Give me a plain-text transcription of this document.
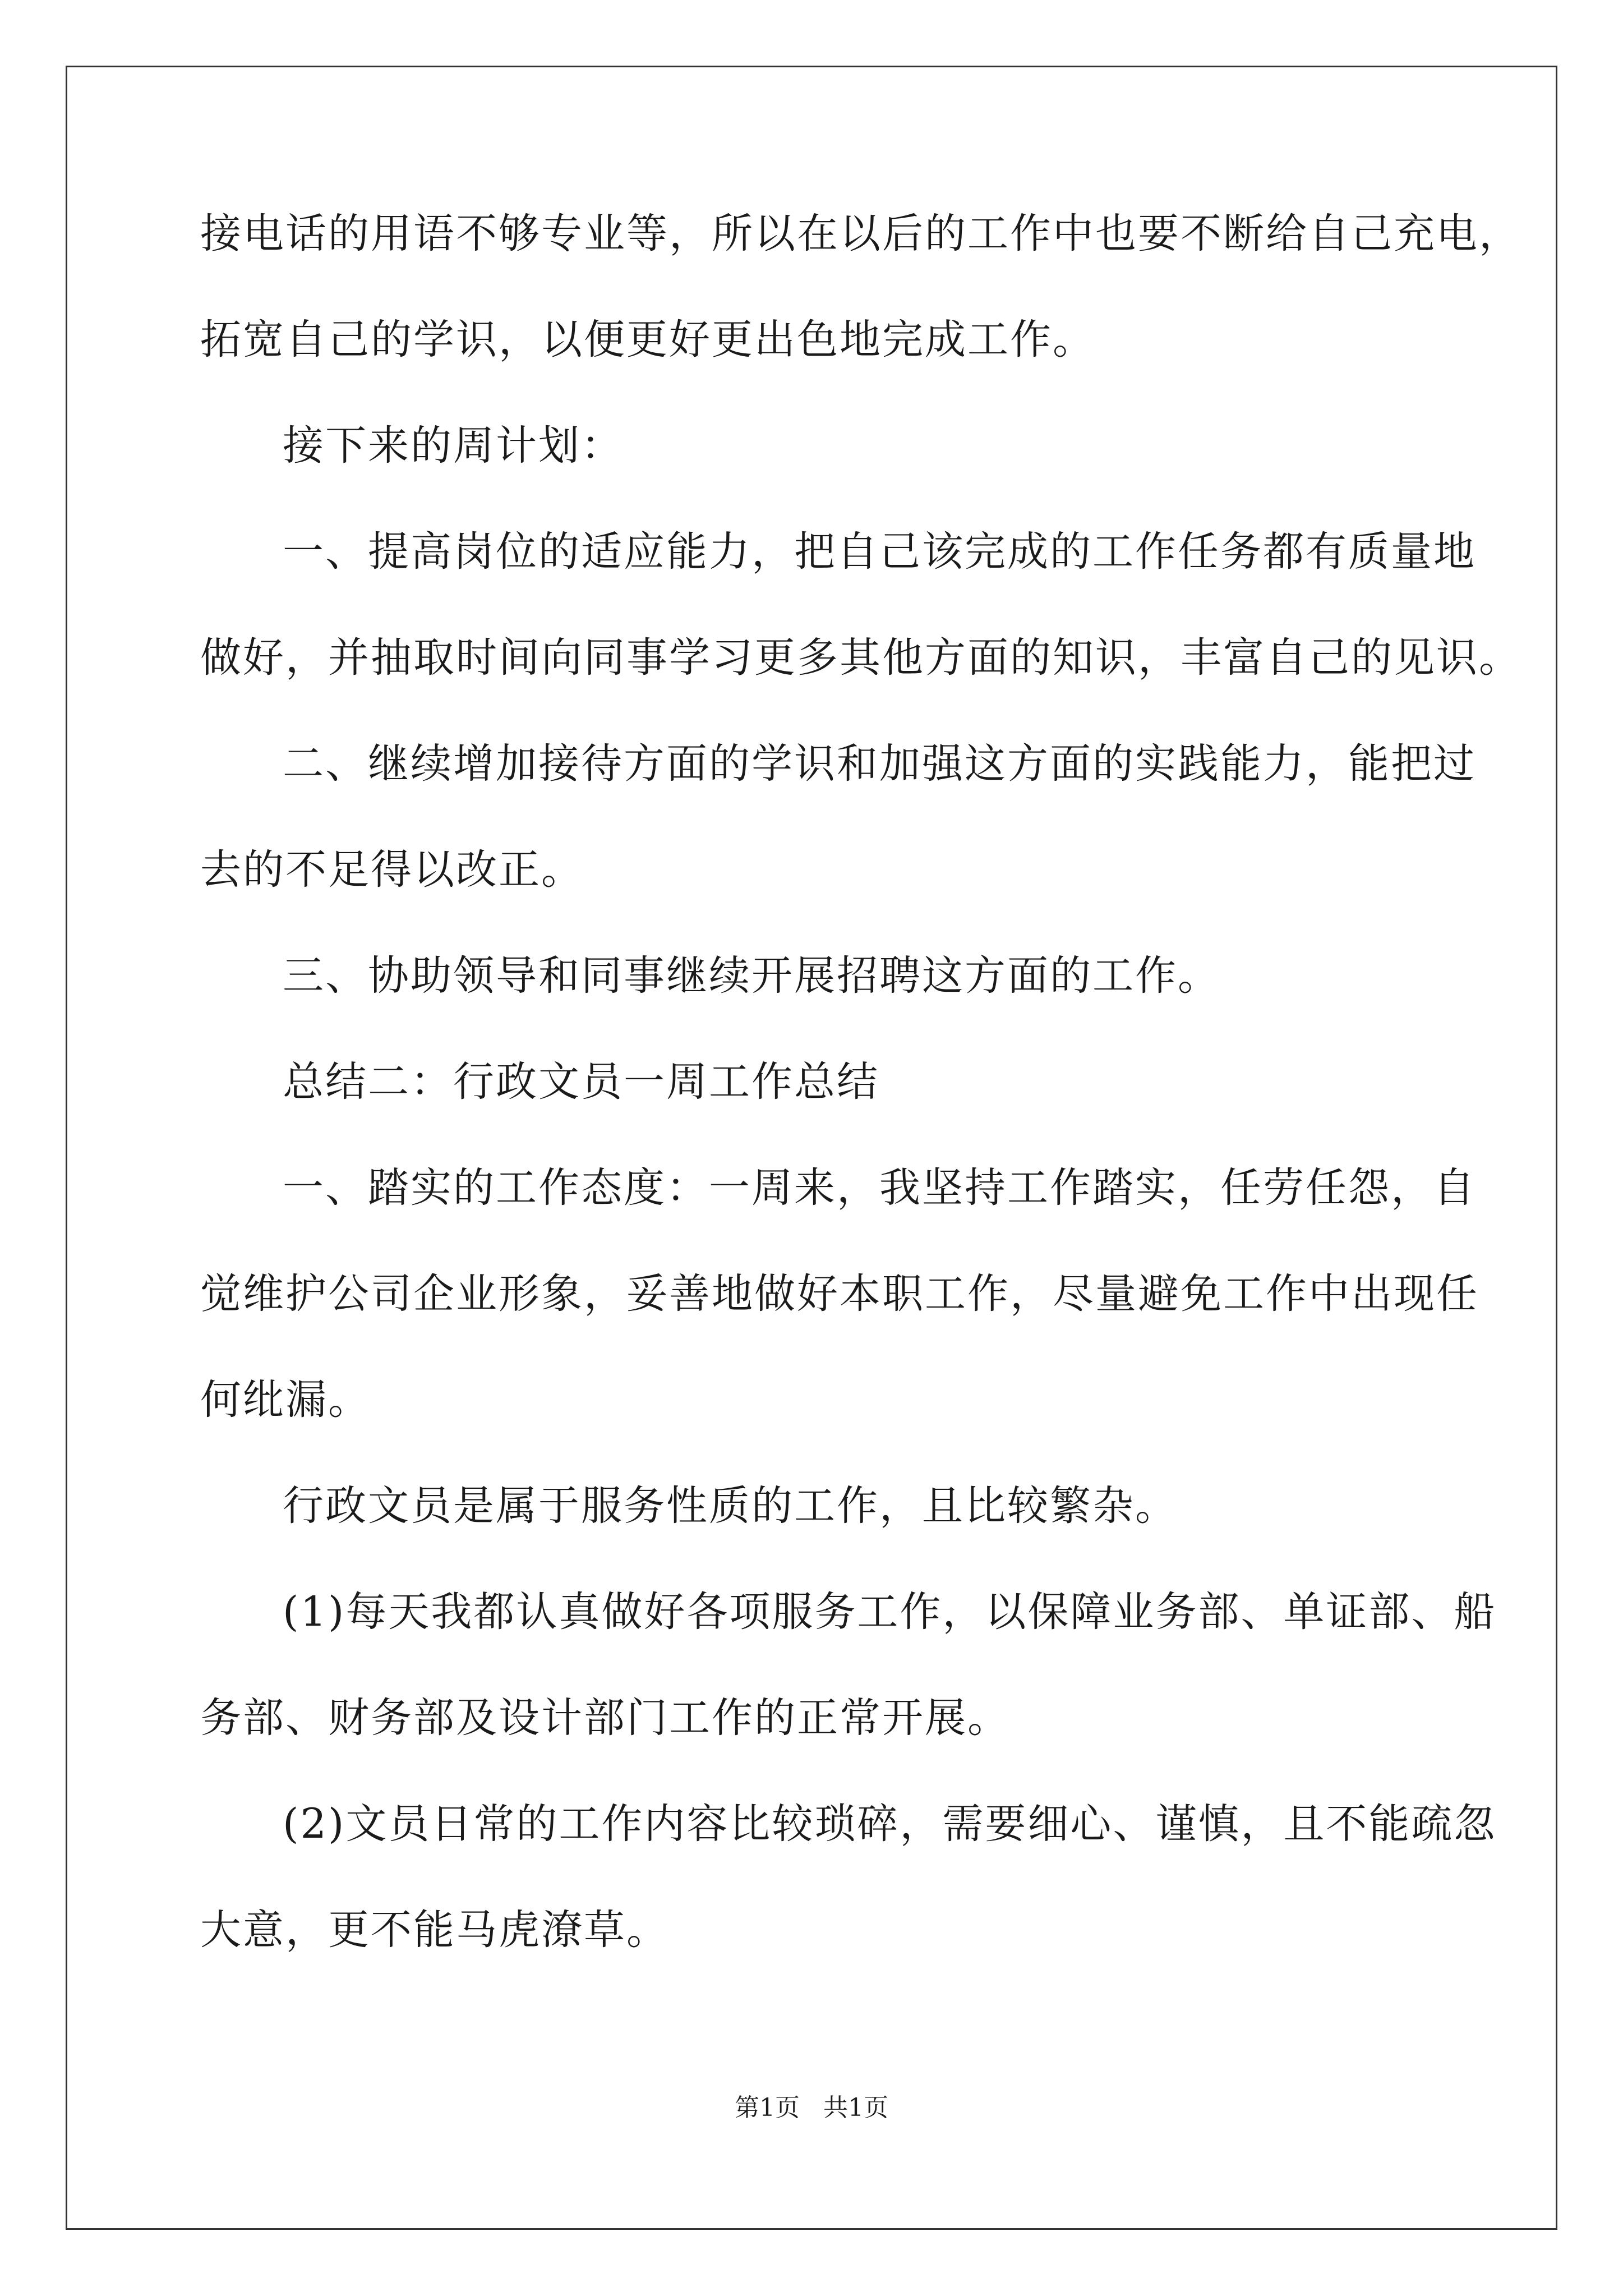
接电话的用语不够专业等，所以在以后的工作中也要不断给自己充电，
拓宽自己的学识，以便更好更出色地完成工作。
接下来的周计划：
一、提高岗位的适应能力，把自己该完成的工作任务都有质量地
做好，并抽取时间向同事学习更多其他方面的知识，丰富自己的见识。
二、继续增加接待方面的学识和加强这方面的实践能力，能把过
去的不足得以改正。
三、协助领导和同事继续开展招聘这方面的工作。
总结二：行政文员一周工作总结
一、踏实的工作态度：一周来，我坚持工作踏实，任劳任怨，自
觉维护公司企业形象，妥善地做好本职工作，尽量避免工作中出现任
何纰漏。
行政文员是属于服务性质的工作，且比较繁杂。
(1)每天我都认真做好各项服务工作，以保障业务部、单证部、船
务部、财务部及设计部门工作的正常开展。
(2)文员日常的工作内容比较琐碎，需要细心、谨慎，且不能疏忽
大意，更不能马虎潦草。
第1页   共1页
